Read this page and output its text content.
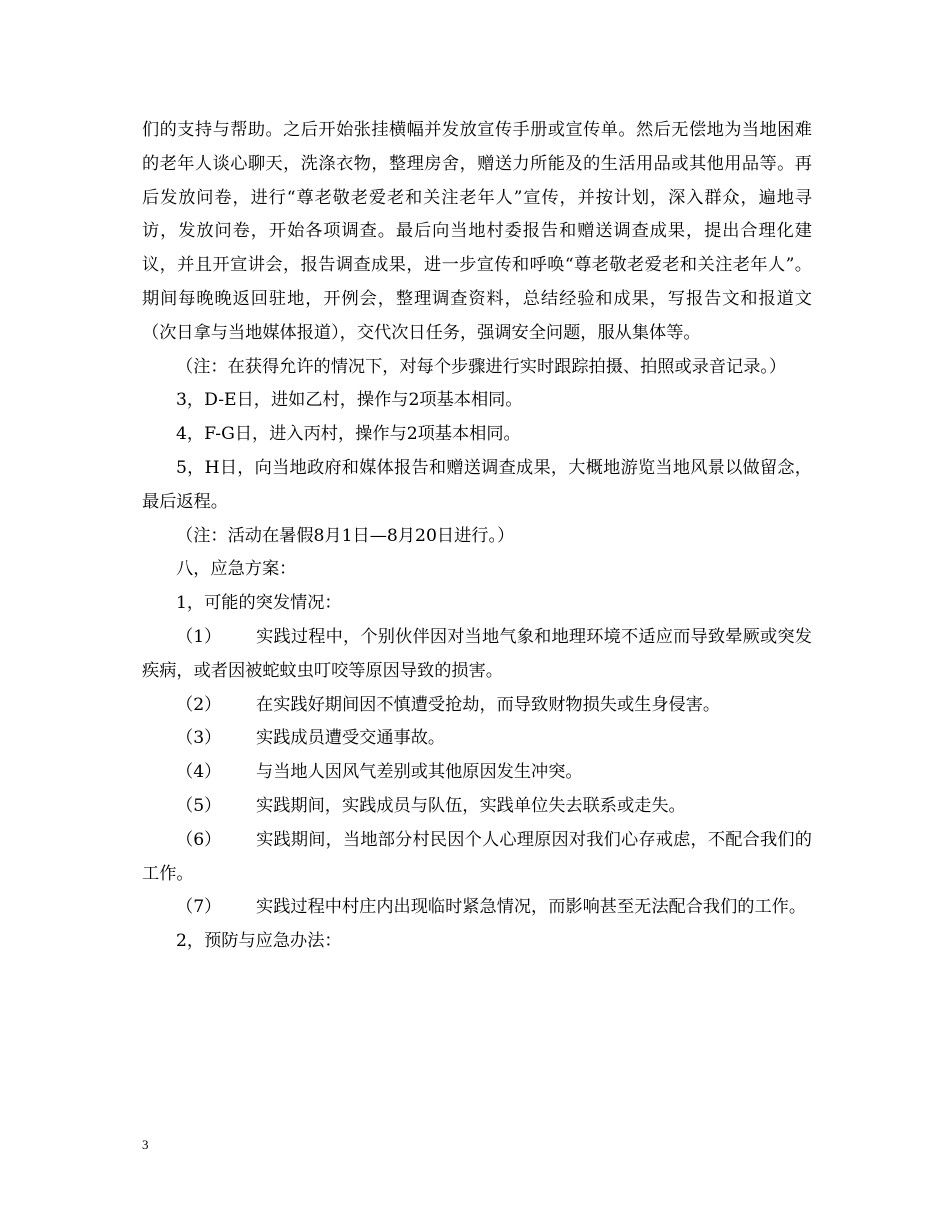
们的支持与帮助。之后开始张挂横幅并发放宣传手册或宣传单。然后无偿地为当地困难的老年人谈心聊天，洗涤衣物，整理房舍，赠送力所能及的生活用品或其他用品等。再后发放问卷，进行“尊老敬老爱老和关注老年人”宣传，并按计划，深入群众，遍地寻访，发放问卷，开始各项调查。最后向当地村委报告和赠送调查成果，提出合理化建议，并且开宣讲会，报告调查成果，进一步宣传和呼唤“尊老敬老爱老和关注老年人”。期间每晚晚返回驻地，开例会，整理调查资料，总结经验和成果，写报告文和报道文（次日拿与当地媒体报道），交代次日任务，强调安全问题，服从集体等。

（注：在获得允许的情况下，对每个步骤进行实时跟踪拍摄、拍照或录音记录。）

3，D-E日，进如乙村，操作与2项基本相同。

4，F-G日，进入丙村，操作与2项基本相同。

5，H日，向当地政府和媒体报告和赠送调查成果，大概地游览当地风景以做留念，最后返程。

（注：活动在暑假8月1日—8月20日进行。）

八，应急方案：

1，可能的突发情况：

（1） 实践过程中，个别伙伴因对当地气象和地理环境不适应而导致晕厥或突发疾病，或者因被蛇蚊虫叮咬等原因导致的损害。

（2） 在实践好期间因不慎遭受抢劫，而导致财物损失或生身侵害。

（3） 实践成员遭受交通事故。

（4） 与当地人因风气差别或其他原因发生冲突。

（5） 实践期间，实践成员与队伍，实践单位失去联系或走失。

（6） 实践期间，当地部分村民因个人心理原因对我们心存戒虑，不配合我们的工作。

（7） 实践过程中村庄内出现临时紧急情况，而影响甚至无法配合我们的工作。

2，预防与应急办法：

3
